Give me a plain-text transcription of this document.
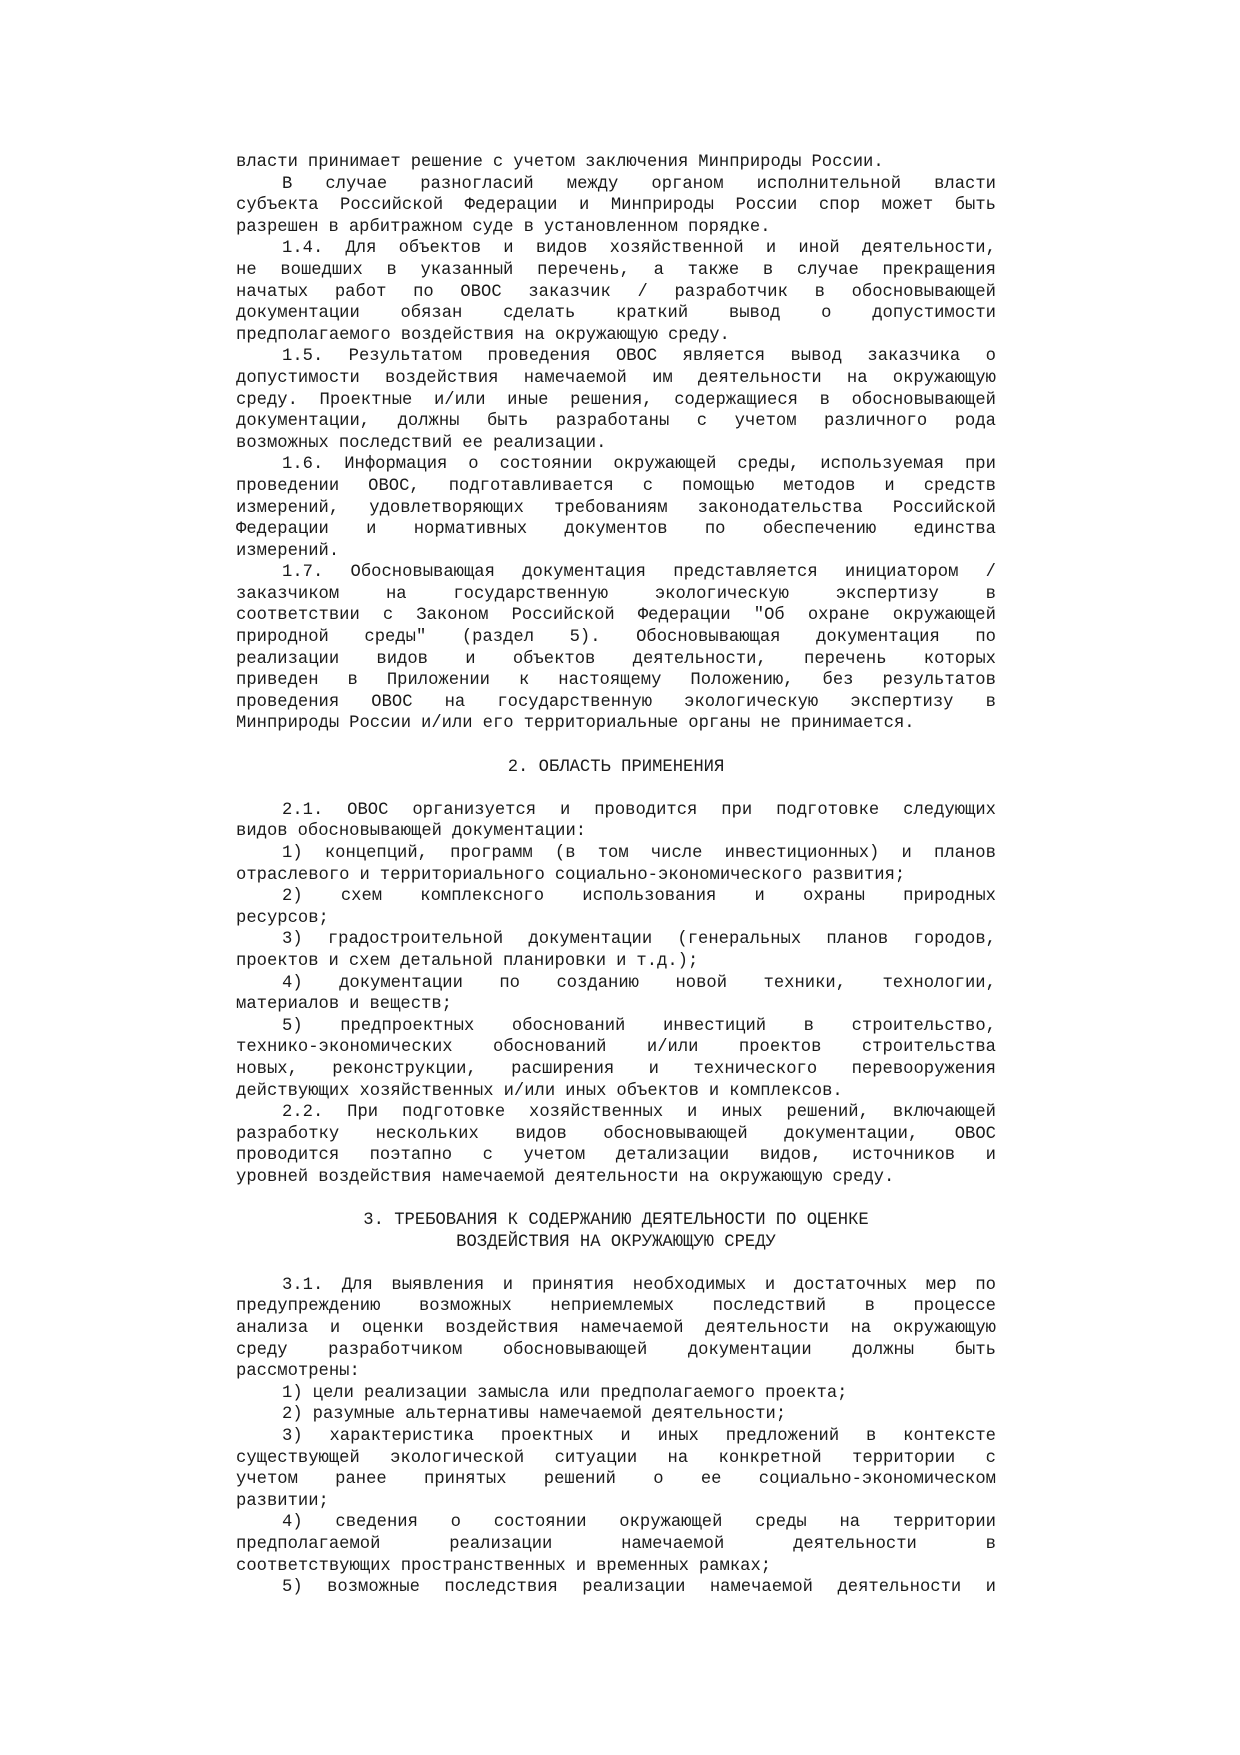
власти принимает решение с учетом заключения Минприроды России.
В случае разногласий между органом исполнительной власти
субъекта Российской Федерации и Минприроды России спор может быть
разрешен в арбитражном суде в установленном порядке.
1.4. Для объектов и видов хозяйственной и иной деятельности,
не вошедших в указанный перечень, а также в случае прекращения
начатых работ по ОВОС заказчик / разработчик в обосновывающей
документации обязан сделать краткий вывод о допустимости
предполагаемого воздействия на окружающую среду.
1.5. Результатом проведения ОВОС является вывод заказчика о
допустимости воздействия намечаемой им деятельности на окружающую
среду. Проектные и/или иные решения, содержащиеся в обосновывающей
документации, должны быть разработаны с учетом различного рода
возможных последствий ее реализации.
1.6. Информация о состоянии окружающей среды, используемая при
проведении ОВОС, подготавливается с помощью методов и средств
измерений, удовлетворяющих требованиям законодательства Российской
Федерации и нормативных документов по обеспечению единства
измерений.
1.7. Обосновывающая документация представляется инициатором /
заказчиком	на	государственную	экологическую	экспертизу	в
соответствии с Законом Российской Федерации "Об охране окружающей
природной среды" (раздел 5). Обосновывающая документация по
реализации видов и объектов деятельности, перечень которых
приведен в Приложении к настоящему Положению, без результатов
проведения ОВОС на государственную экологическую экспертизу в
Минприроды России и/или его территориальные органы не принимается.
2. ОБЛАСТЬ ПРИМЕНЕНИЯ
2.1. ОВОС организуется и проводится при подготовке следующих
видов обосновывающей документации:
1) концепций, программ (в том числе инвестиционных) и планов
отраслевого и территориального социально-экономического развития;
2) схем комплексного использования и охраны природных
ресурсов;
3) градостроительной документации (генеральных планов городов,
проектов и схем детальной планировки и т.д.);
4) документации по созданию новой техники, технологии,
материалов и веществ;
5) предпроектных обоснований инвестиций в строительство,
технико-экономических обоснований и/или проектов строительства
новых, реконструкции, расширения и технического перевооружения
действующих хозяйственных и/или иных объектов и комплексов.
2.2. При подготовке хозяйственных и иных решений, включающей
разработку нескольких видов обосновывающей документации, ОВОС
проводится поэтапно с учетом детализации видов, источников и
уровней воздействия намечаемой деятельности на окружающую среду.
3. ТРЕБОВАНИЯ К СОДЕРЖАНИЮ ДЕЯТЕЛЬНОСТИ ПО ОЦЕНКЕ
ВОЗДЕЙСТВИЯ НА ОКРУЖАЮЩУЮ СРЕДУ
3.1. Для выявления и принятия необходимых и достаточных мер по
предупреждению возможных неприемлемых последствий в процессе
анализа и оценки воздействия намечаемой деятельности на окружающую
среду разработчиком обосновывающей документации должны быть
рассмотрены:
1) цели реализации замысла или предполагаемого проекта;
2) разумные альтернативы намечаемой деятельности;
3) характеристика проектных и иных предложений в контексте
существующей экологической ситуации на конкретной территории с
учетом ранее принятых решений о ее социально-экономическом
развитии;
4) сведения о состоянии окружающей среды на территории
предполагаемой	реализации	намечаемой	деятельности	в
соответствующих пространственных и временных рамках;
5) возможные последствия реализации намечаемой деятельности и
